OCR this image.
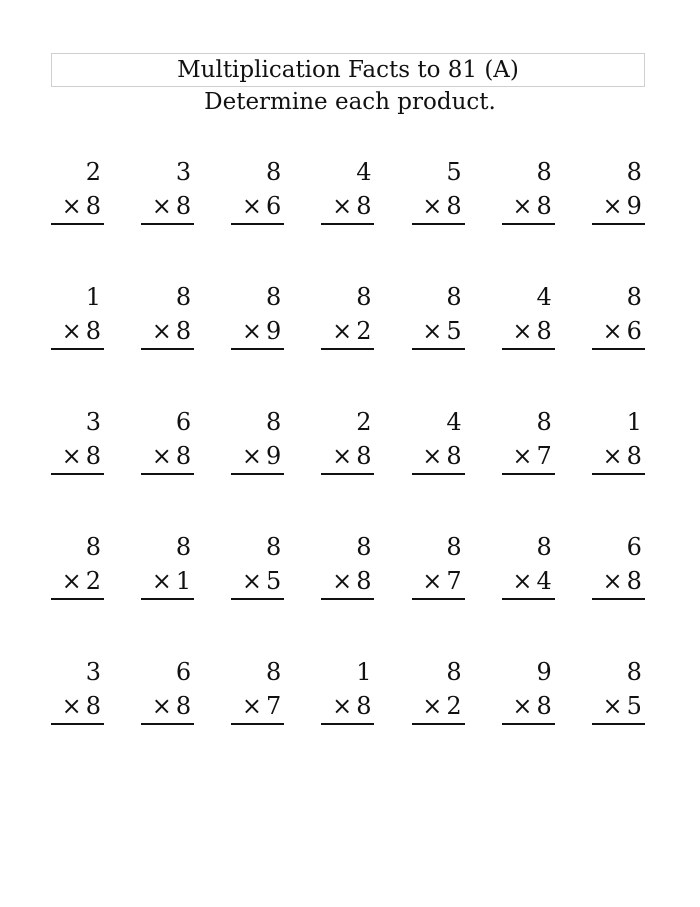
Multiplication Facts to 81 (A)
Determine each product.
2
× 8
3
× 8
8
× 6
4
× 8
5
× 8
8
× 8
8
× 9
1
× 8
8
× 8
8
× 9
8
× 2
8
× 5
4
× 8
8
× 6
3
× 8
6
× 8
8
× 9
2
× 8
4
× 8
8
× 7
1
× 8
8
× 2
8
× 1
8
× 5
8
× 8
8
× 7
8
× 4
6
× 8
3
× 8
6
× 8
8
× 7
1
× 8
8
× 2
9
× 8
8
× 5
